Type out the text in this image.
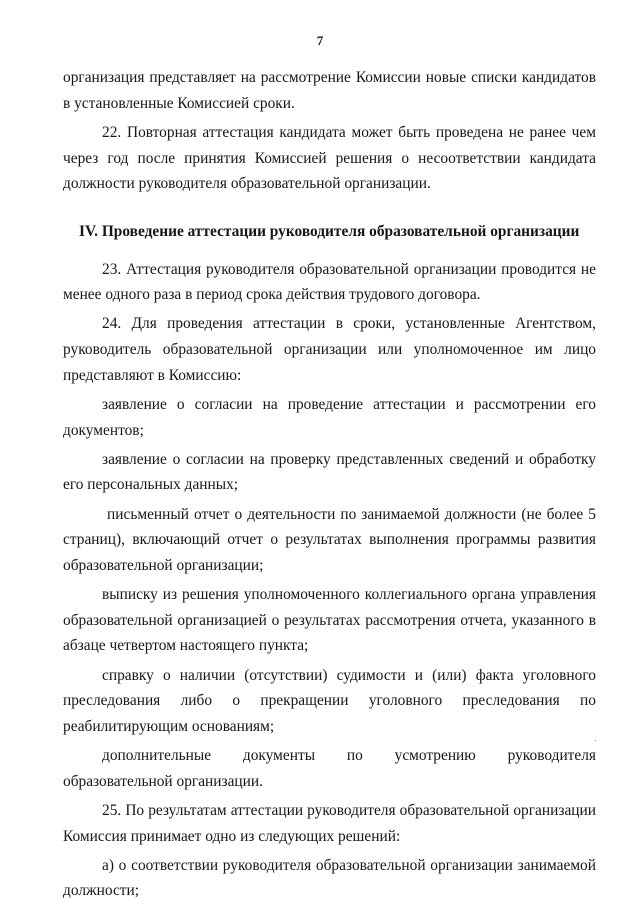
7

организация представляет на рассмотрение Комиссии новые списки кандидатов в установленные Комиссией сроки.

22. Повторная аттестация кандидата может быть проведена не ранее чем через год после принятия Комиссией решения о несоответствии кандидата должности руководителя образовательной организации.

IV. Проведение аттестации руководителя образовательной организации

23. Аттестация руководителя образовательной организации проводится не менее одного раза в период срока действия трудового договора.

24. Для проведения аттестации в сроки, установленные Агентством, руководитель образовательной организации или уполномоченное им лицо представляют в Комиссию:

заявление о согласии на проведение аттестации и рассмотрении его документов;

заявление о согласии на проверку представленных сведений и обработку его персональных данных;

письменный отчет о деятельности по занимаемой должности (не более 5 страниц), включающий отчет о результатах выполнения программы развития образовательной организации;

выписку из решения уполномоченного коллегиального органа управления образовательной организацией о результатах рассмотрения отчета, указанного в абзаце четвертом настоящего пункта;

справку о наличии (отсутствии) судимости и (или) факта уголовного преследования либо о прекращении уголовного преследования по реабилитирующим основаниям;

дополнительные документы по усмотрению руководителя образовательной организации.

25. По результатам аттестации руководителя образовательной организации Комиссия принимает одно из следующих решений:

а) о соответствии руководителя образовательной организации занимаемой должности;
